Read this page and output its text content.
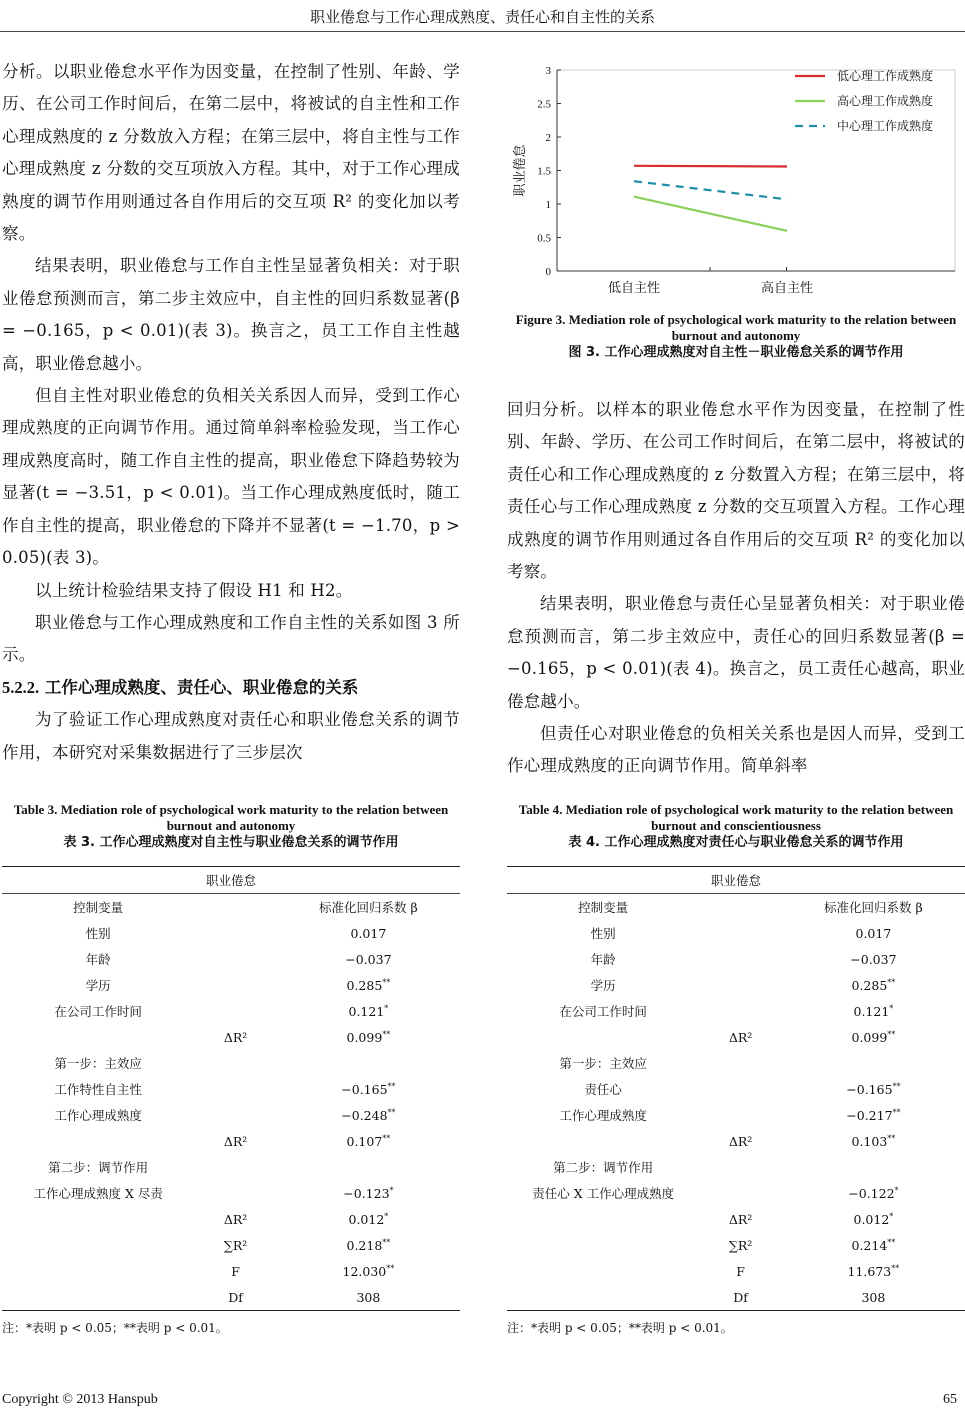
职业倦怠与工作心理成熟度、责任心和自主性的关系

分析。以职业倦怠水平作为因变量，在控制了性别、年龄、学历、在公司工作时间后，在第二层中，将被试的自主性和工作心理成熟度的 z 分数放入方程；在第三层中，将自主性与工作心理成熟度 z 分数的交互项放入方程。其中，对于工作心理成熟度的调节作用则通过各自作用后的交互项 R² 的变化加以考察。

结果表明，职业倦怠与工作自主性呈显著负相关：对于职业倦怠预测而言，第二步主效应中，自主性的回归系数显著(β = −0.165，p < 0.01)(表 3)。换言之，员工工作自主性越高，职业倦怠越小。

但自主性对职业倦怠的负相关关系因人而异，受到工作心理成熟度的正向调节作用。通过简单斜率检验发现，当工作心理成熟度高时，随工作自主性的提高，职业倦怠下降趋势较为显著(t = −3.51，p < 0.01)。当工作心理成熟度低时，随工作自主性的提高，职业倦怠的下降并不显著(t = −1.70，p > 0.05)(表 3)。

以上统计检验结果支持了假设 H1 和 H2。

职业倦怠与工作心理成熟度和工作自主性的关系如图 3 所示。

5.2.2. 工作心理成熟度、责任心、职业倦怠的关系

为了验证工作心理成熟度对责任心和职业倦怠关系的调节作用，本研究对采集数据进行了三步层次

0
0.5
1
1.5
2
2.5
3
低自主性	高自主性
职业倦怠
低心理工作成熟度
高心理工作成熟度
中心理工作成熟度
Figure 3. Mediation role of psychological work maturity to the relation between burnout and autonomy
图 3. 工作心理成熟度对自主性－职业倦怠关系的调节作用

回归分析。以样本的职业倦怠水平作为因变量，在控制了性别、年龄、学历、在公司工作时间后，在第二层中，将被试的责任心和工作心理成熟度的 z 分数置入方程；在第三层中，将责任心与工作心理成熟度 z 分数的交互项置入方程。工作心理成熟度的调节作用则通过各自作用后的交互项 R² 的变化加以考察。

结果表明，职业倦怠与责任心呈显著负相关：对于职业倦怠预测而言，第二步主效应中，责任心的回归系数显著(β = −0.165，p < 0.01)(表 4)。换言之，员工责任心越高，职业倦怠越小。

但责任心对职业倦怠的负相关关系也是因人而异，受到工作心理成熟度的正向调节作用。简单斜率

Table 3. Mediation role of psychological work maturity to the relation between burnout and autonomy
表 3. 工作心理成熟度对自主性与职业倦怠关系的调节作用
职业倦怠		
控制变量		标准化回归系数 β
性别		0.017
年龄		−0.037
学历		0.285**
在公司工作时间		0.121*
	ΔR²	0.099**
第一步：主效应		
工作特性自主性		−0.165**
工作心理成熟度		−0.248**
	ΔR²	0.107**
第二步：调节作用		
工作心理成熟度 X 尽责		−0.123*
	ΔR²	0.012*
	∑R²	0.218**
	F	12.030**
	Df	308
注：*表明 p < 0.05；**表明 p < 0.01。
Table 4. Mediation role of psychological work maturity to the relation between burnout and conscientiousness
表 4. 工作心理成熟度对责任心与职业倦怠关系的调节作用
职业倦怠		
控制变量		标准化回归系数 β
性别		0.017
年龄		−0.037
学历		0.285**
在公司工作时间		0.121*
	ΔR²	0.099**
第一步：主效应		
责任心		−0.165**
工作心理成熟度		−0.217**
	ΔR²	0.103**
第二步：调节作用		
责任心 X 工作心理成熟度		−0.122*
	ΔR²	0.012*
	∑R²	0.214**
	F	11.673**
	Df	308
注：*表明 p < 0.05；**表明 p < 0.01。
Copyright © 2013 Hanspub	65
